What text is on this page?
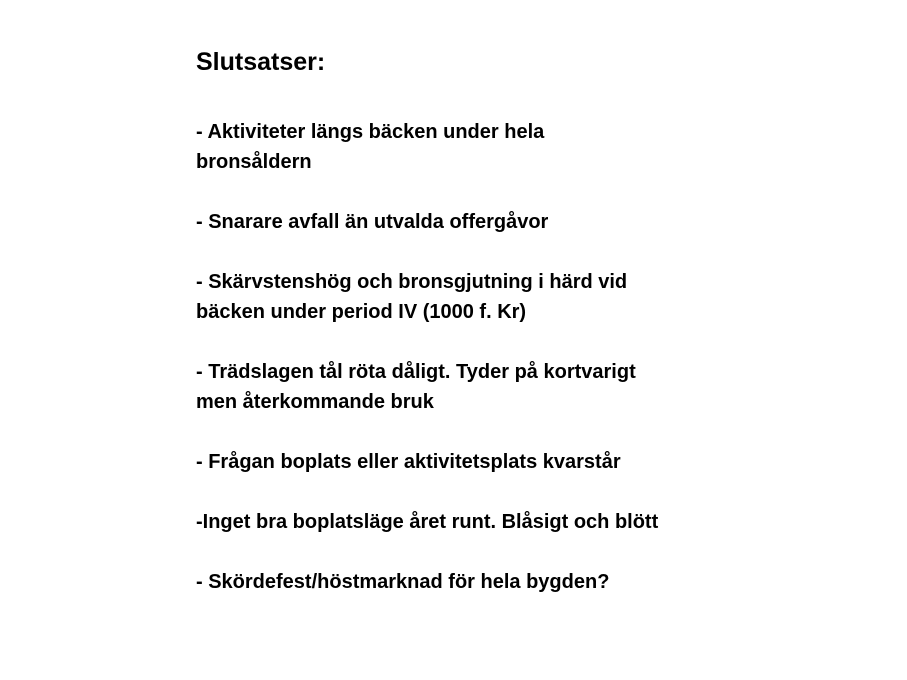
Slutsatser:
- Aktiviteter längs bäcken under hela
bronsåldern
- Snarare avfall än utvalda offergåvor
- Skärvstenshög och bronsgjutning i härd vid
bäcken under period IV (1000 f. Kr)
- Trädslagen tål röta dåligt. Tyder på kortvarigt
men återkommande bruk
- Frågan boplats eller aktivitetsplats kvarstår
-Inget bra boplatsläge året runt. Blåsigt och blött
- Skördefest/höstmarknad för hela bygden?
